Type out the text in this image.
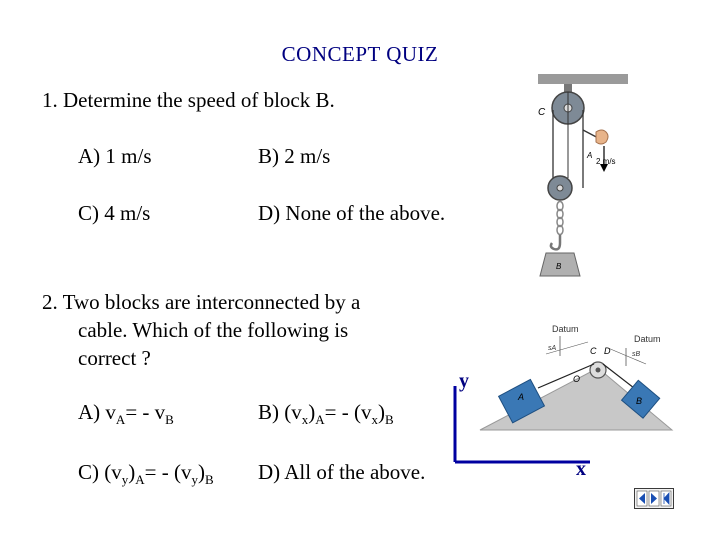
CONCEPT QUIZ
1. Determine the speed of block B.
A) 1 m/s	B) 2 m/s
C) 4 m/s	D) None of the above.
C
A
B
2 m/s
2. Two blocks are interconnected by a
cable. Which of the following is
correct ?
A) $v_A= - v_B$	B) $(v_x)_A= - (v_x)_B$
C) $(v_y)_A= - (v_y)_B$ D) All of the above.
y
x
Datum
Datum
sA
sB
C D
O
A	B
